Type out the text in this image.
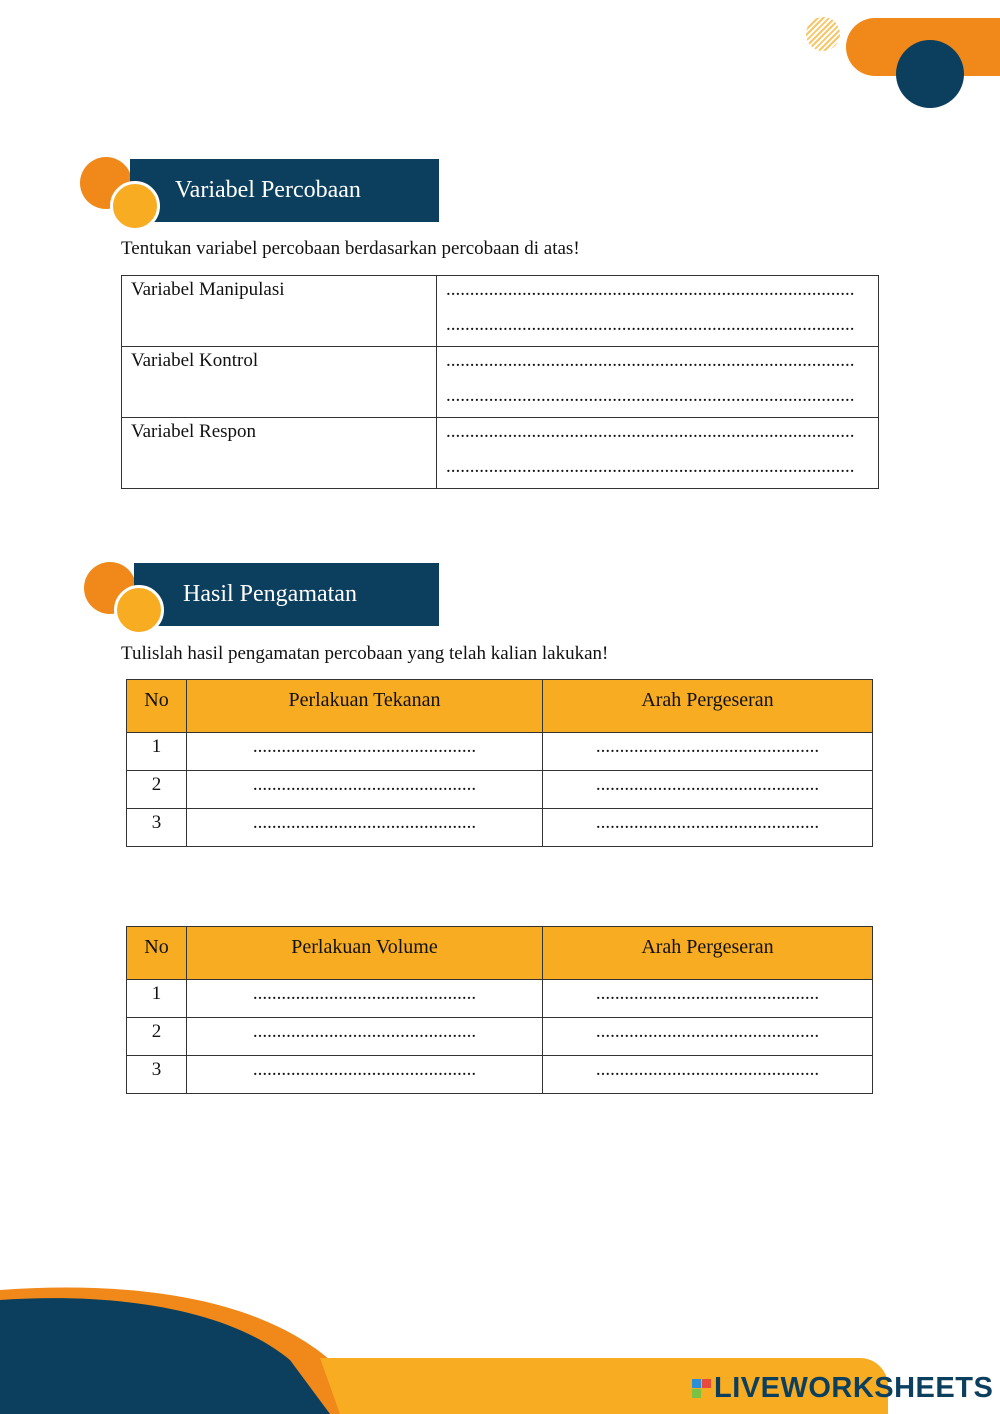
Variabel Percobaan
Tentukan variabel percobaan berdasarkan percobaan di atas!
Variabel Manipulasi	......................................................................................
......................................................................................

Variabel Kontrol	......................................................................................
......................................................................................

Variabel Respon	......................................................................................
......................................................................................
Hasil Pengamatan
Tulislah hasil pengamatan percobaan yang telah kalian lakukan!
No	Perlakuan Tekanan	Arah Pergeseran
1	...............................................	...............................................
2	...............................................	...............................................
3	...............................................	...............................................
No	Perlakuan Volume	Arah Pergeseran
1	...............................................	...............................................
2	...............................................	...............................................
3	...............................................	...............................................
LIVEWORKSHEETS
